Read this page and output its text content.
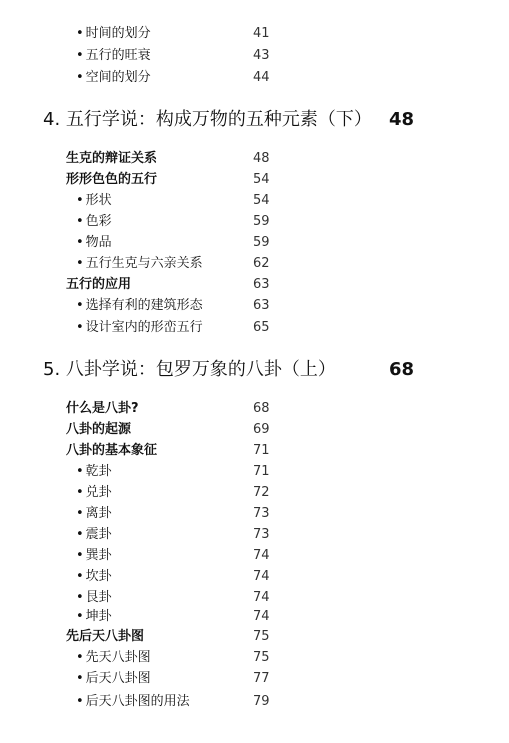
• 时间的划分	41
• 五行的旺衰	43
• 空间的划分	44
4. 五行学说：构成万物的五种元素（下） 48
生克的辩证关系	48
形形色色的五行	54
• 形状	54
• 色彩	59
• 物品	59
• 五行生克与六亲关系	62
五行的应用	63
• 选择有利的建筑形态	63
• 设计室内的形峦五行	65
5. 八卦学说：包罗万象的八卦（上）	68
什么是八卦?	68
八卦的起源	69
八卦的基本象征	71
• 乾卦	71
• 兑卦	72
• 离卦	73
• 震卦	73
• 巽卦	74
• 坎卦	74
• 艮卦	74
• 坤卦	74
先后天八卦图	75
• 先天八卦图	75
• 后天八卦图	77
• 后天八卦图的用法	79
